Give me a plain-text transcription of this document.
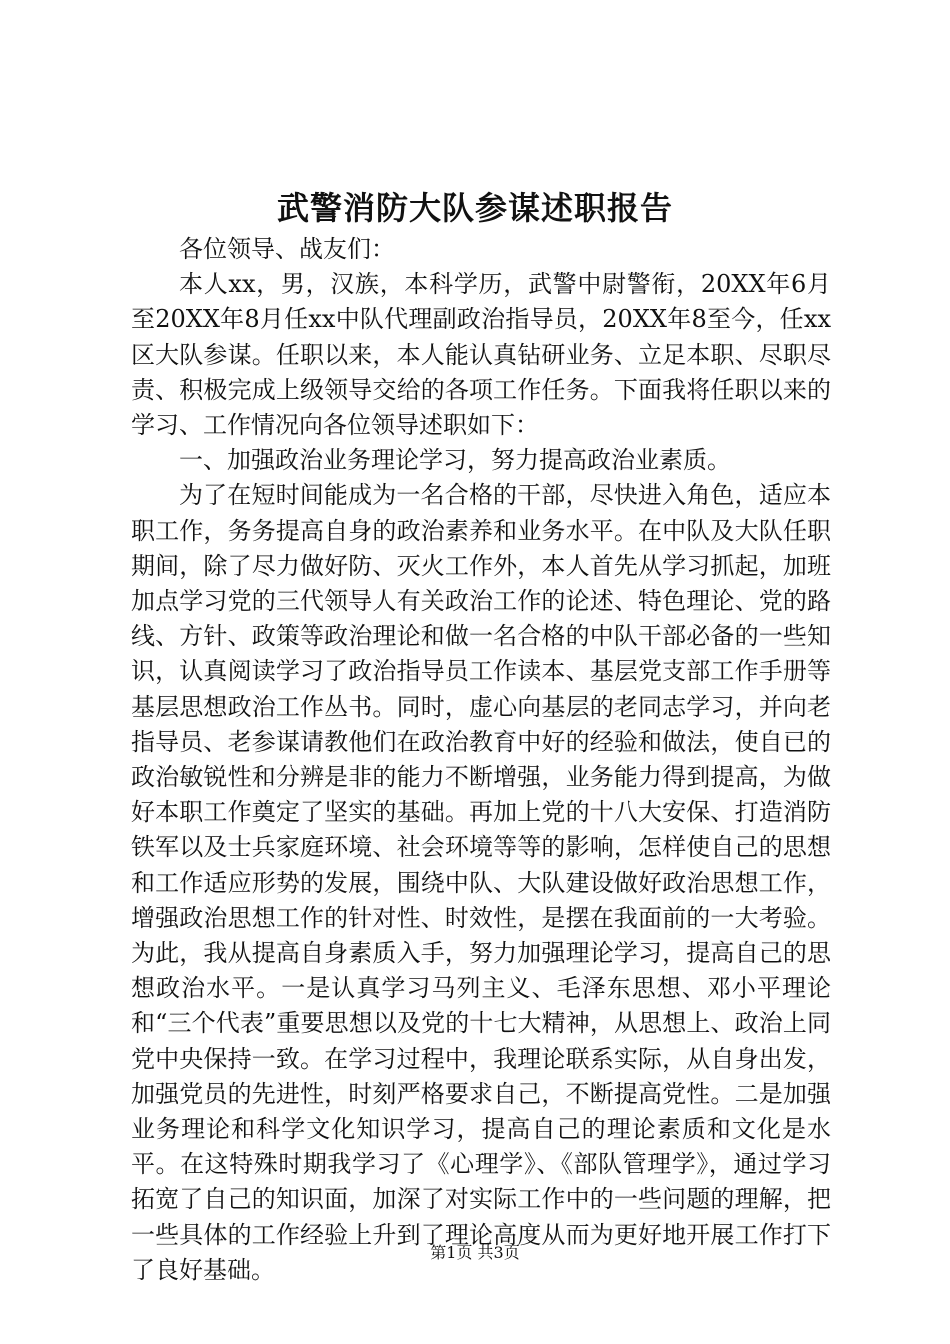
武警消防大队参谋述职报告

各位领导、战友们：

本人xx，男，汉族，本科学历，武警中尉警衔，20XX年6月至20XX年8月任xx中队代理副政治指导员，20XX年8至今，任xx区大队参谋。任职以来，本人能认真钻研业务、立足本职、尽职尽责、积极完成上级领导交给的各项工作任务。下面我将任职以来的学习、工作情况向各位领导述职如下：

一、加强政治业务理论学习，努力提高政治业素质。

为了在短时间能成为一名合格的干部，尽快进入角色，适应本职工作，务务提高自身的政治素养和业务水平。在中队及大队任职期间，除了尽力做好防、灭火工作外，本人首先从学习抓起，加班加点学习党的三代领导人有关政治工作的论述、特色理论、党的路线、方针、政策等政治理论和做一名合格的中队干部必备的一些知识，认真阅读学习了政治指导员工作读本、基层党支部工作手册等基层思想政治工作丛书。同时，虚心向基层的老同志学习，并向老指导员、老参谋请教他们在政治教育中好的经验和做法，使自已的政治敏锐性和分辨是非的能力不断增强，业务能力得到提高，为做好本职工作奠定了坚实的基础。再加上党的十八大安保、打造消防铁军以及士兵家庭环境、社会环境等等的影响，怎样使自己的思想和工作适应形势的发展，围绕中队、大队建设做好政治思想工作，增强政治思想工作的针对性、时效性，是摆在我面前的一大考验。为此，我从提高自身素质入手，努力加强理论学习，提高自己的思想政治水平。一是认真学习马列主义、毛泽东思想、邓小平理论和“三个代表”重要思想以及党的十七大精神，从思想上、政治上同党中央保持一致。在学习过程中，我理论联系实际，从自身出发，加强党员的先进性，时刻严格要求自己，不断提高党性。二是加强业务理论和科学文化知识学习，提高自己的理论素质和文化是水平。在这特殊时期我学习了《心理学》、《部队管理学》，通过学习拓宽了自己的知识面，加深了对实际工作中的一些问题的理解，把一些具体的工作经验上升到了理论高度从而为更好地开展工作打下了良好基础。

第1页 共3页
